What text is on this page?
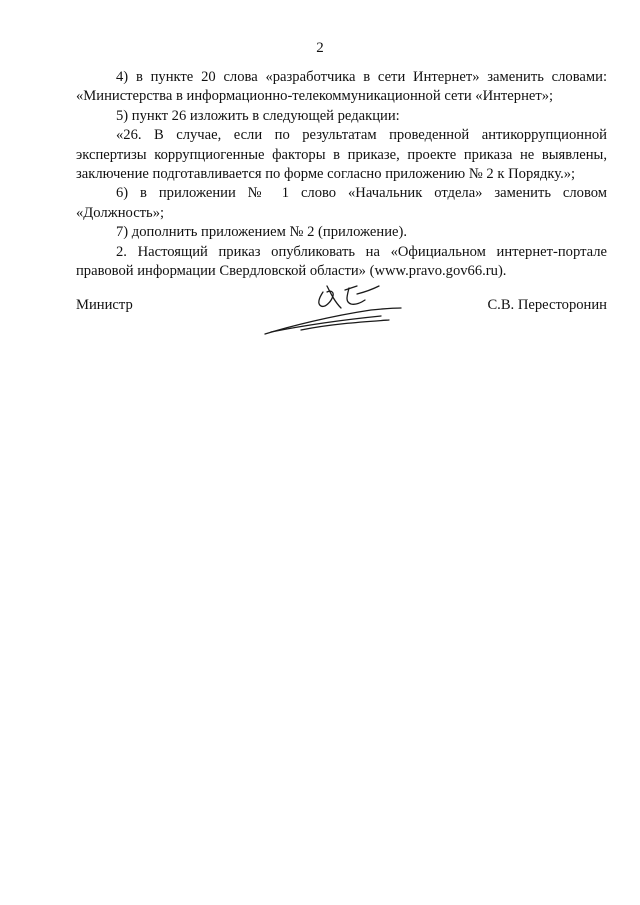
2

4) в пункте 20 слова «разработчика в сети Интернет» заменить словами: «Министерства в информационно-телекоммуникационной сети «Интернет»;

5) пункт 26 изложить в следующей редакции:

«26. В случае, если по результатам проведенной антикоррупционной экспертизы коррупциогенные факторы в приказе, проекте приказа не выявлены, заключение подготавливается по форме согласно приложению № 2 к Порядку.»;

6) в приложении № 1 слово «Начальник отдела» заменить словом «Должность»;

7) дополнить приложением № 2 (приложение).

2. Настоящий приказ опубликовать на «Официальном интернет-портале правовой информации Свердловской области» (www.pravo.gov66.ru).

Министр	С.В. Пересторонин
